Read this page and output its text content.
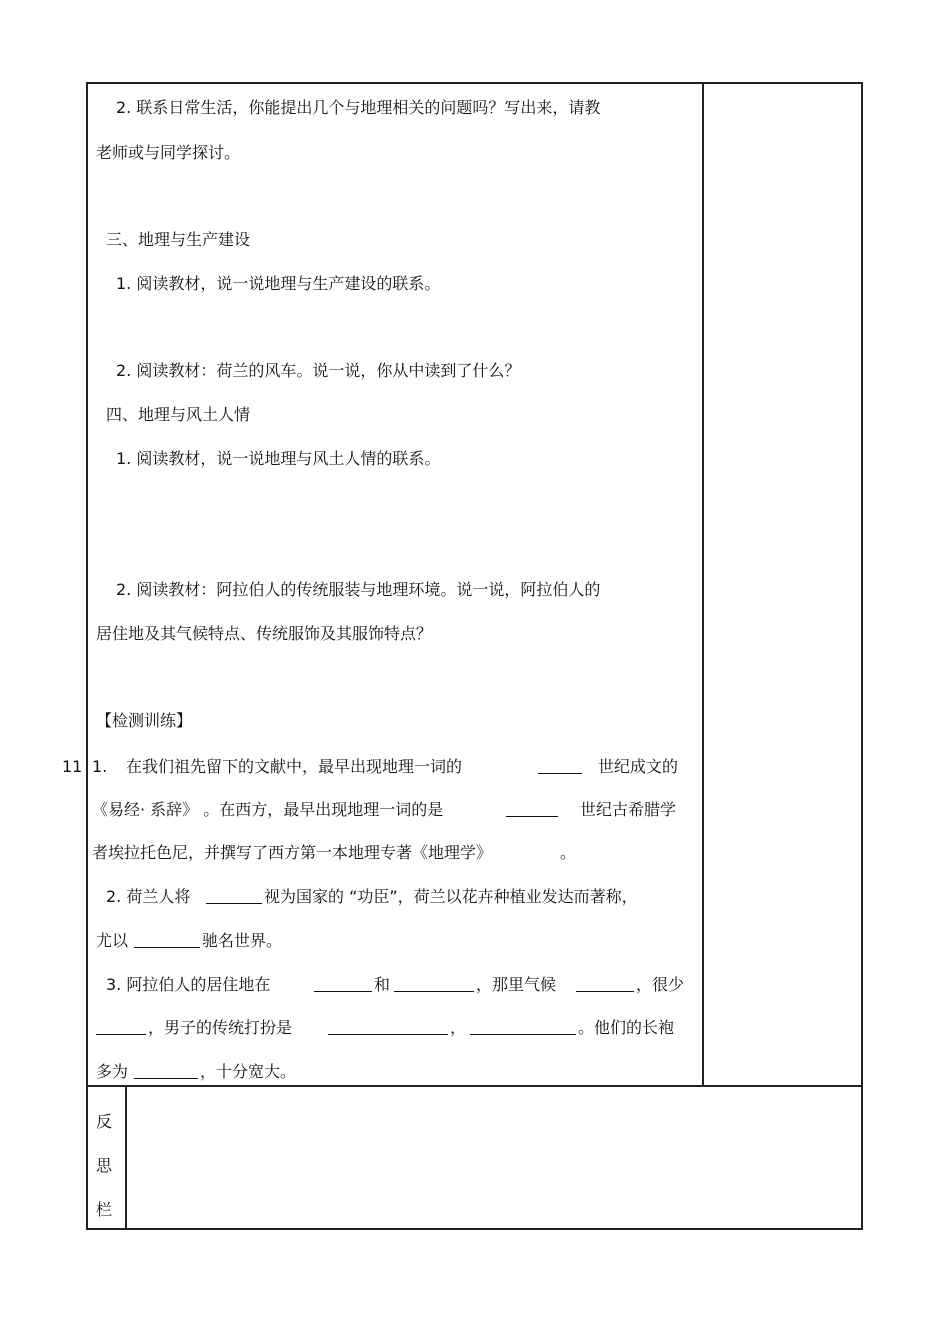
2. 联系日常生活，你能提出几个与地理相关的问题吗？写出来，请教
老师或与同学探讨。
三、地理与生产建设
1. 阅读教材，说一说地理与生产建设的联系。
2. 阅读教材：荷兰的风车。说一说，你从中读到了什么？
四、地理与风土人情
1. 阅读教材，说一说地理与风土人情的联系。
2. 阅读教材：阿拉伯人的传统服装与地理环境。说一说，阿拉伯人的
居住地及其气候特点、传统服饰及其服饰特点？
【检测训练】
11 1. 在我们祖先留下的文献中，最早出现地理一词的	世纪成文的
《易经· 系辞》 。在西方，最早出现地理一词的是	世纪古希腊学
者埃拉托色尼，并撰写了西方第一本地理专著《地理学》	。
2. 荷兰人将	视为国家的 “功臣”，荷兰以花卉种植业发达而著称，
尤以	驰名世界。
3. 阿拉伯人的居住地在	和	，那里气候	，很少
，男子的传统打扮是	，	。他们的长袍
多为	，十分宽大。
反
思
栏
